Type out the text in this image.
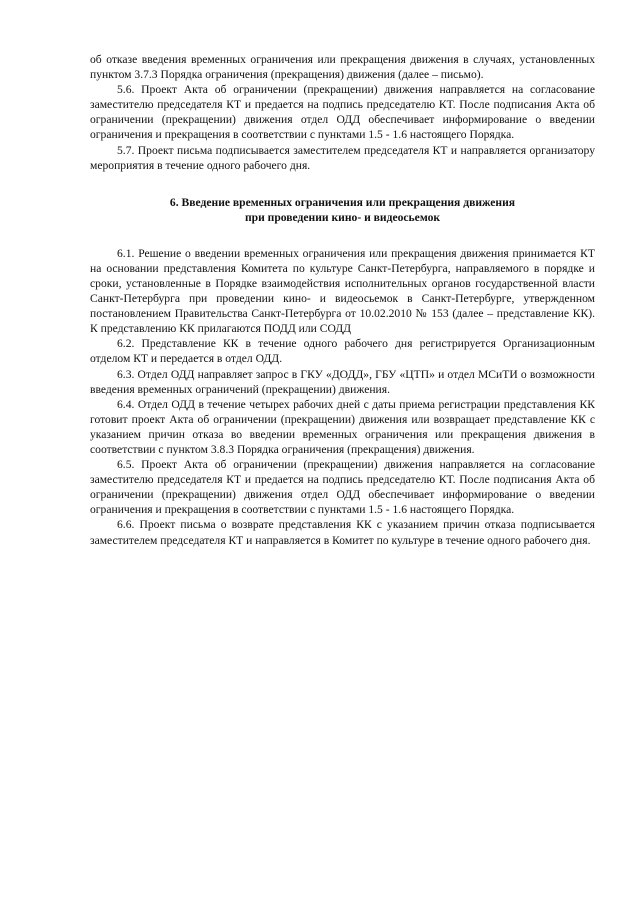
об отказе введения временных ограничения или прекращения движения в случаях, установленных пунктом 3.7.3 Порядка ограничения (прекращения) движения (далее – письмо).

5.6. Проект Акта об ограничении (прекращении) движения направляется на согласование заместителю председателя КТ и предается на подпись председателю КТ. После подписания Акта об ограничении (прекращении) движения отдел ОДД обеспечивает информирование о введении ограничения и прекращения в соответствии с пунктами 1.5 - 1.6 настоящего Порядка.

5.7. Проект письма подписывается заместителем председателя КТ и направляется организатору мероприятия в течение одного рабочего дня.

6. Введение временных ограничения или прекращения движения
при проведении кино- и видеосьемок

6.1. Решение о введении временных ограничения или прекращения движения принимается КТ на основании представления Комитета по культуре Санкт-Петербурга, направляемого в порядке и сроки, установленные в Порядке взаимодействия исполнительных органов государственной власти Санкт-Петербурга при проведении кино- и видеосьемок в Санкт-Петербурге, утвержденном постановлением Правительства Санкт-Петербурга от 10.02.2010 № 153 (далее – представление КК). К представлению КК прилагаются ПОДД или СОДД

6.2. Представление КК в течение одного рабочего дня регистрируется Организационным отделом КТ и передается в отдел ОДД.

6.3. Отдел ОДД направляет запрос в ГКУ «ДОДД», ГБУ «ЦТП» и отдел МСиТИ о возможности введения временных ограничений (прекращении) движения.

6.4. Отдел ОДД в течение четырех рабочих дней с даты приема регистрации представления КК готовит проект Акта об ограничении (прекращении) движения или возвращает представление КК с указанием причин отказа во введении временных ограничения или прекращения движения в соответствии с пунктом 3.8.3 Порядка ограничения (прекращения) движения.

6.5. Проект Акта об ограничении (прекращении) движения направляется на согласование заместителю председателя КТ и предается на подпись председателю КТ. После подписания Акта об ограничении (прекращении) движения отдел ОДД обеспечивает информирование о введении ограничения и прекращения в соответствии с пунктами 1.5 - 1.6 настоящего Порядка.

6.6. Проект письма о возврате представления КК с указанием причин отказа подписывается заместителем председателя КТ и направляется в Комитет по культуре в течение одного рабочего дня.
